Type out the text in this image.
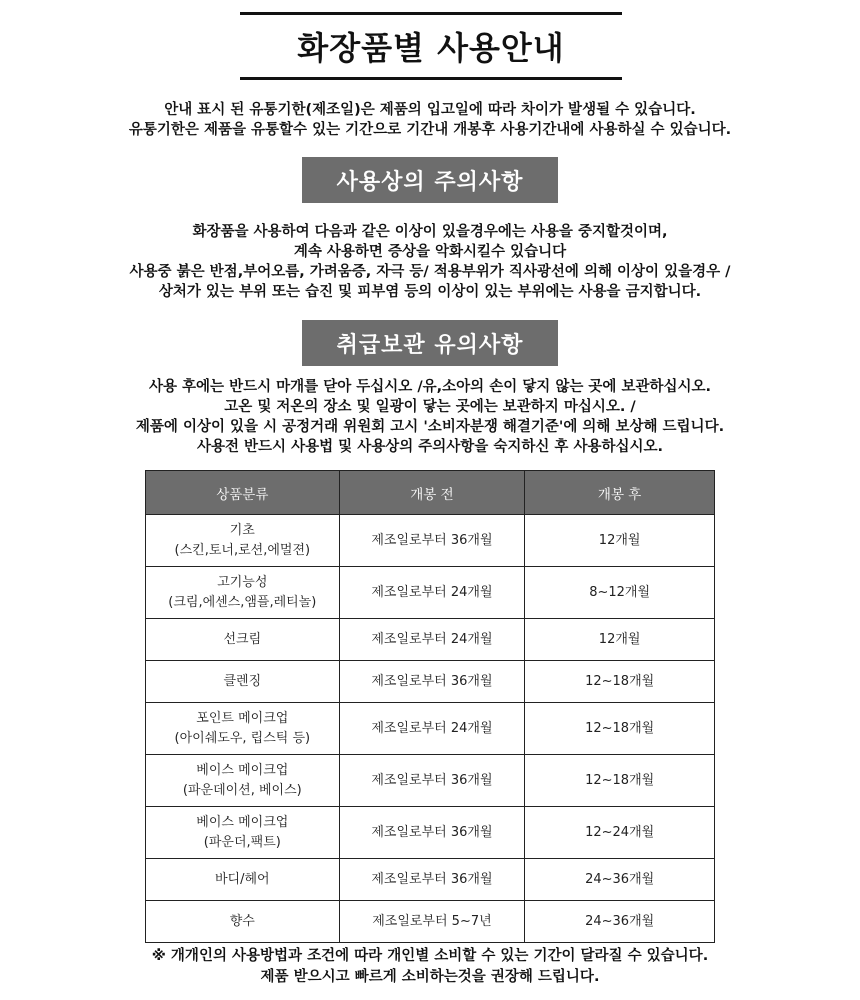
화장품별 사용안내
안내 표시 된 유통기한(제조일)은 제품의 입고일에 따라 차이가 발생될 수 있습니다.
유통기한은 제품을 유통할수 있는 기간으로 기간내 개봉후 사용기간내에 사용하실 수 있습니다.
사용상의 주의사항
화장품을 사용하여 다음과 같은 이상이 있을경우에는 사용을 중지할것이며,
계속 사용하면 증상을 악화시킬수 있습니다
사용중 붉은 반점,부어오름, 가려움증, 자극 등/ 적용부위가 직사광선에 의해 이상이 있을경우 /
상처가 있는 부위 또는 습진 및 피부염 등의 이상이 있는 부위에는 사용을 금지합니다.
취급보관 유의사항
사용 후에는 반드시 마개를 닫아 두십시오 /유,소아의 손이 닿지 않는 곳에 보관하십시오.
고온 및 저온의 장소 및 일광이 닿는 곳에는 보관하지 마십시오. /
제품에 이상이 있을 시 공정거래 위원회 고시 '소비자분쟁 해결기준'에 의해 보상해 드립니다.
사용전 반드시 사용법 및 사용상의 주의사항을 숙지하신 후 사용하십시오.
상품분류	개봉 전	개봉 후
기초
(스킨,토너,로션,에멀젼)	제조일로부터 36개월	12개월
고기능성
(크림,에센스,앰플,레티놀)	제조일로부터 24개월	8~12개월
선크림	제조일로부터 24개월	12개월
클렌징	제조일로부터 36개월	12~18개월
포인트 메이크업
(아이쉐도우, 립스틱 등)	제조일로부터 24개월	12~18개월
베이스 메이크업
(파운데이션, 베이스)	제조일로부터 36개월	12~18개월
베이스 메이크업
(파운더,팩트)	제조일로부터 36개월	12~24개월
바디/헤어	제조일로부터 36개월	24~36개월
향수	제조일로부터 5~7년	24~36개월
※ 개개인의 사용방법과 조건에 따라 개인별 소비할 수 있는 기간이 달라질 수 있습니다.
제품 받으시고 빠르게 소비하는것을 권장해 드립니다.
